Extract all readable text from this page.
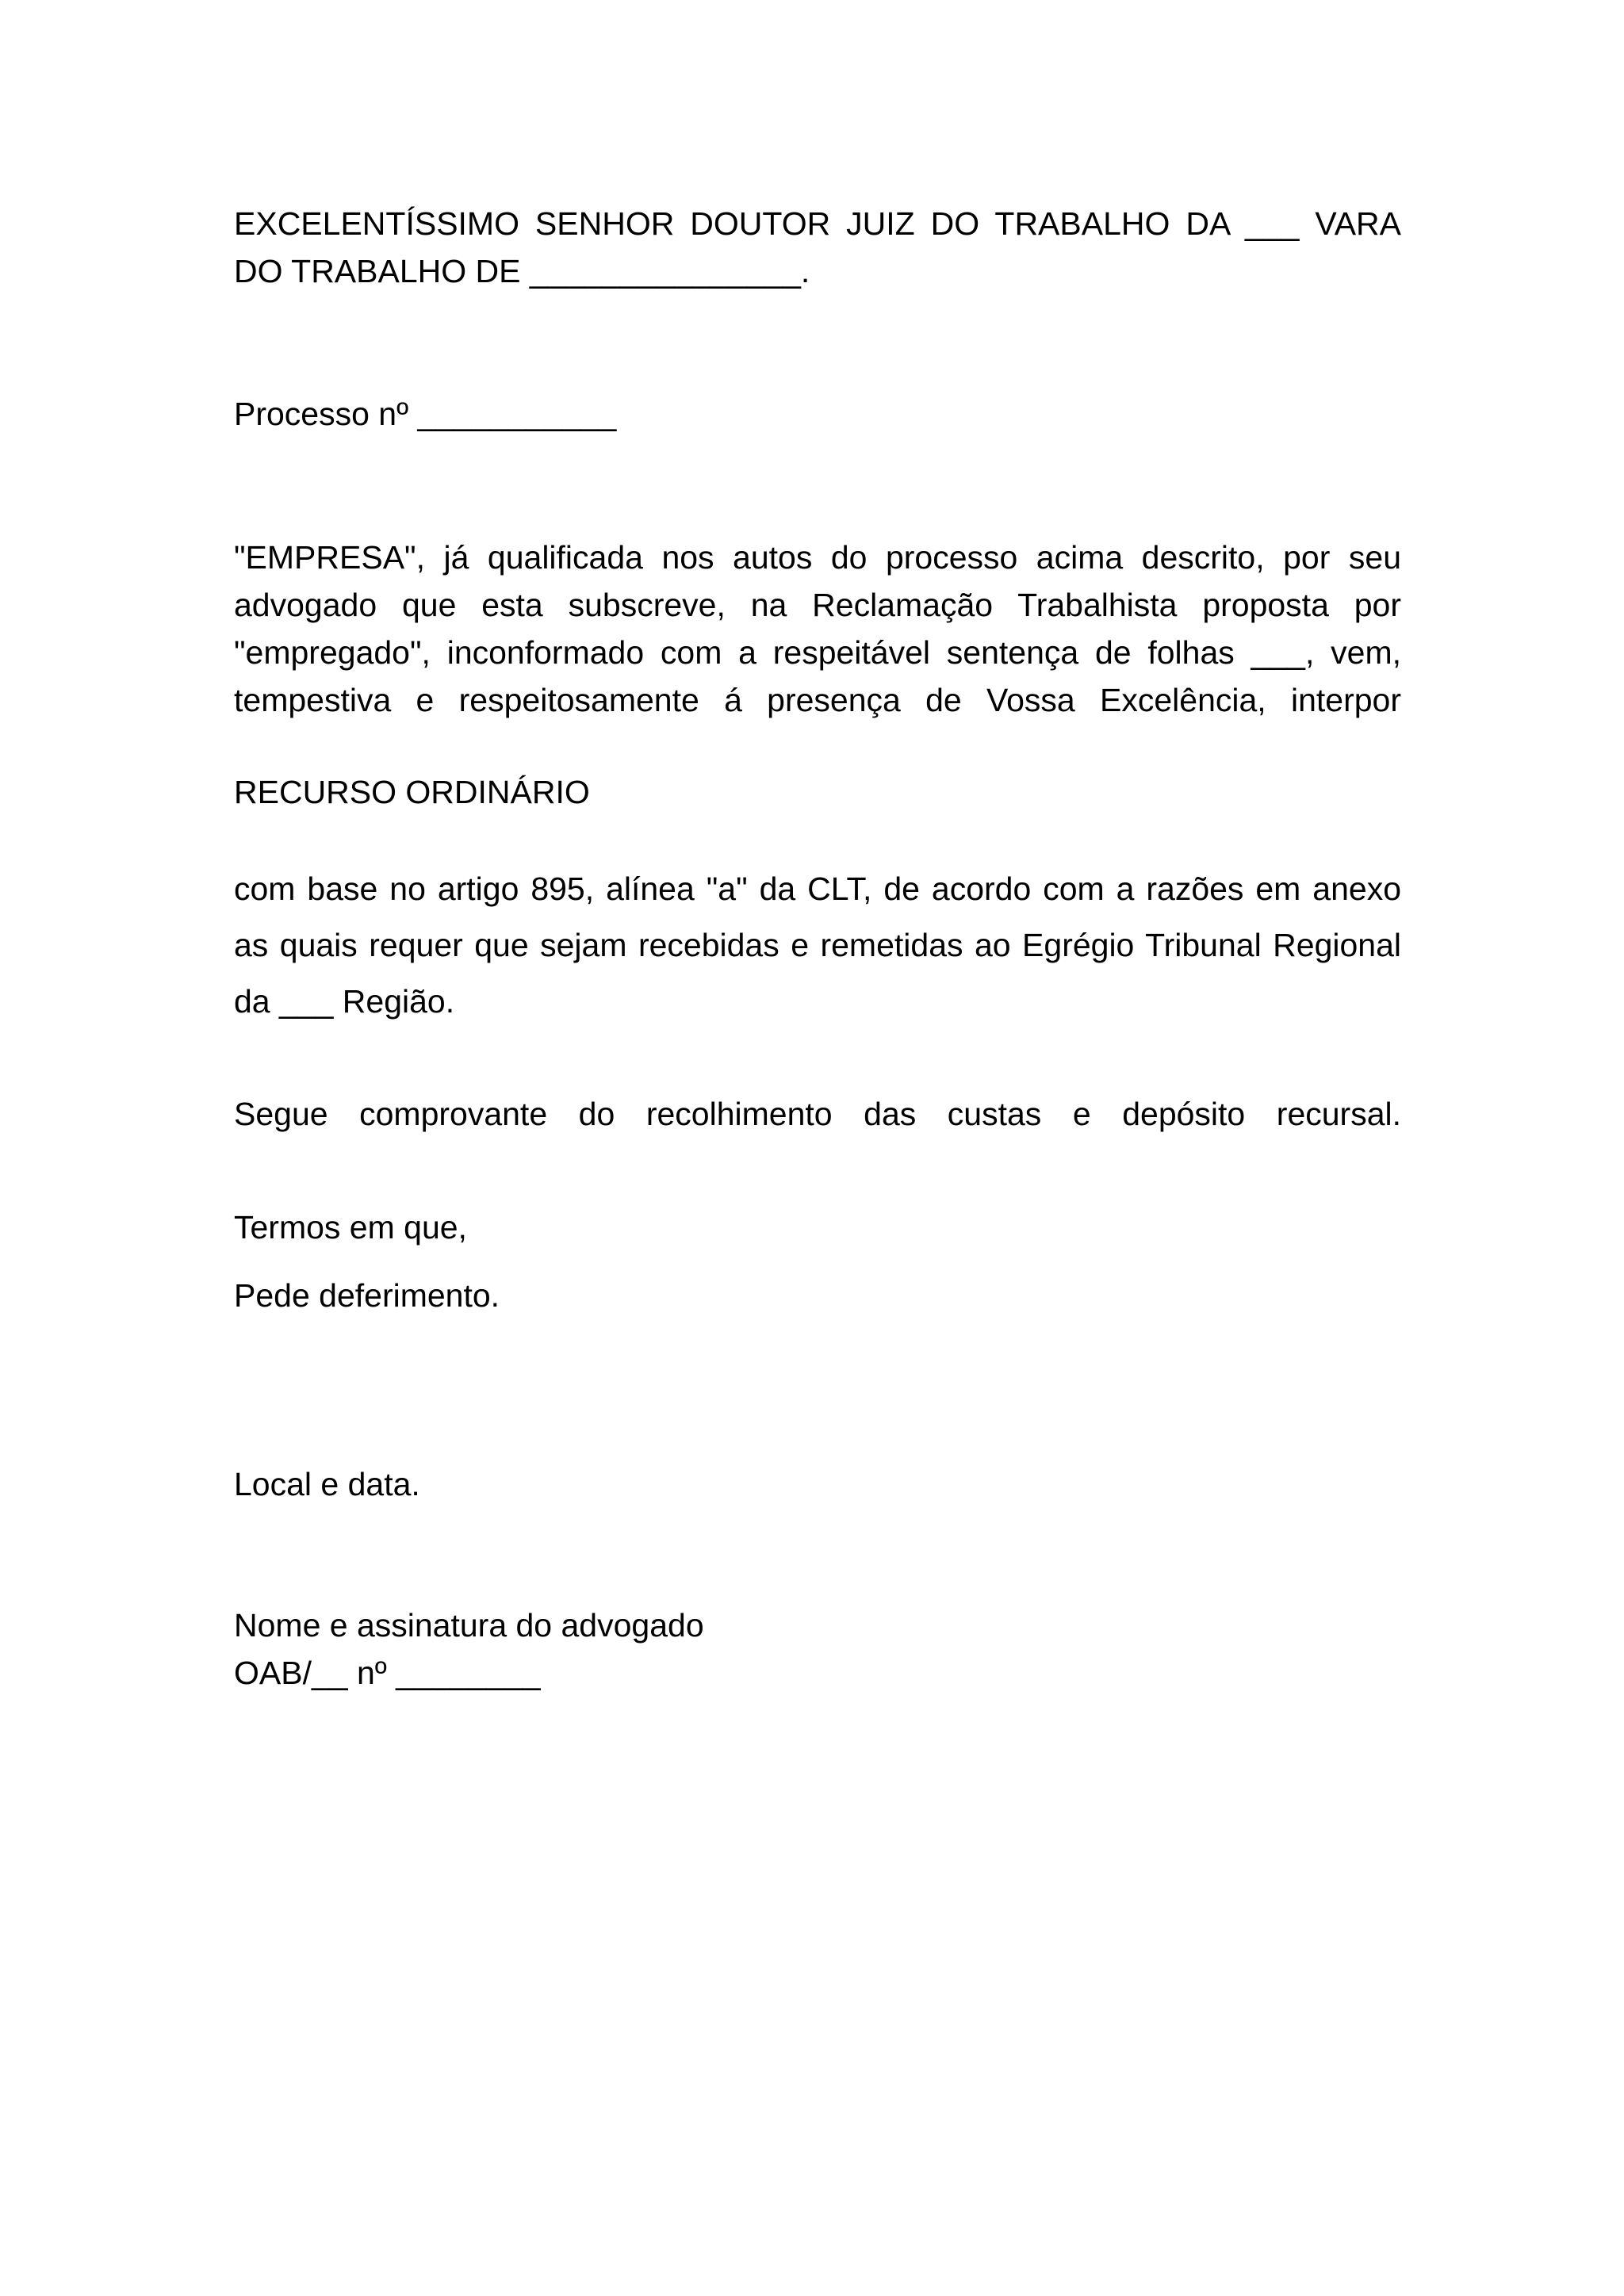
EXCELENTÍSSIMO SENHOR DOUTOR JUIZ DO TRABALHO DA ___ VARA
DO TRABALHO DE _______________.
Processo nº ___________
"EMPRESA", já qualificada nos autos do processo acima descrito, por seu
advogado que esta subscreve, na Reclamação Trabalhista proposta por
"empregado", inconformado com a respeitável sentença de folhas ___, vem,
tempestiva e respeitosamente á presença de Vossa Excelência, interpor
RECURSO ORDINÁRIO
com base no artigo 895, alínea "a" da CLT, de acordo com a razões em anexo
as quais requer que sejam recebidas e remetidas ao Egrégio Tribunal Regional
da ___ Região.
Segue comprovante do recolhimento das custas e depósito recursal.
Termos em que,
Pede deferimento.
Local e data.
Nome e assinatura do advogado
OAB/__ nº ________
